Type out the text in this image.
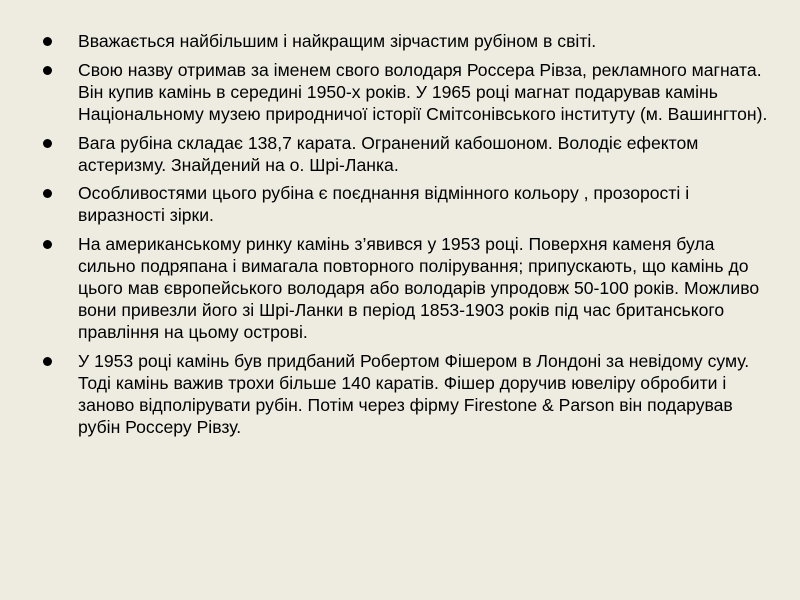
Вважається найбільшим і найкращим зірчастим рубіном в світі.
Свою назву отримав за іменем свого володаря Россера Рівза, рекламного магната. Він купив камінь в середині 1950-х років. У 1965 році магнат подарував камінь Національному музею природничої історії Смітсонівського інституту (м. Вашингтон).
Вага рубіна складає 138,7 карата. Огранений кабошоном. Володіє ефектом астеризму. Знайдений на о. Шрі-Ланка.
Особливостями цього рубіна є поєднання відмінного кольору , прозорості і виразності зірки.
На американському ринку камінь з’явився у 1953 році. Поверхня каменя була сильно подряпана і вимагала повторного полірування; припускають, що камінь до цього мав європейського володаря або володарів упродовж 50-100 років. Можливо вони привезли його зі Шрі-Ланки в період 1853-1903 років під час британського правління на цьому острові.
У 1953 році камінь був придбаний Робертом Фішером в Лондоні за невідому суму. Тоді камінь важив трохи більше 140 каратів. Фішер доручив ювеліру обробити і заново відполірувати рубін. Потім через фірму Firestone & Parson він подарував рубін Россеру Рівзу.
